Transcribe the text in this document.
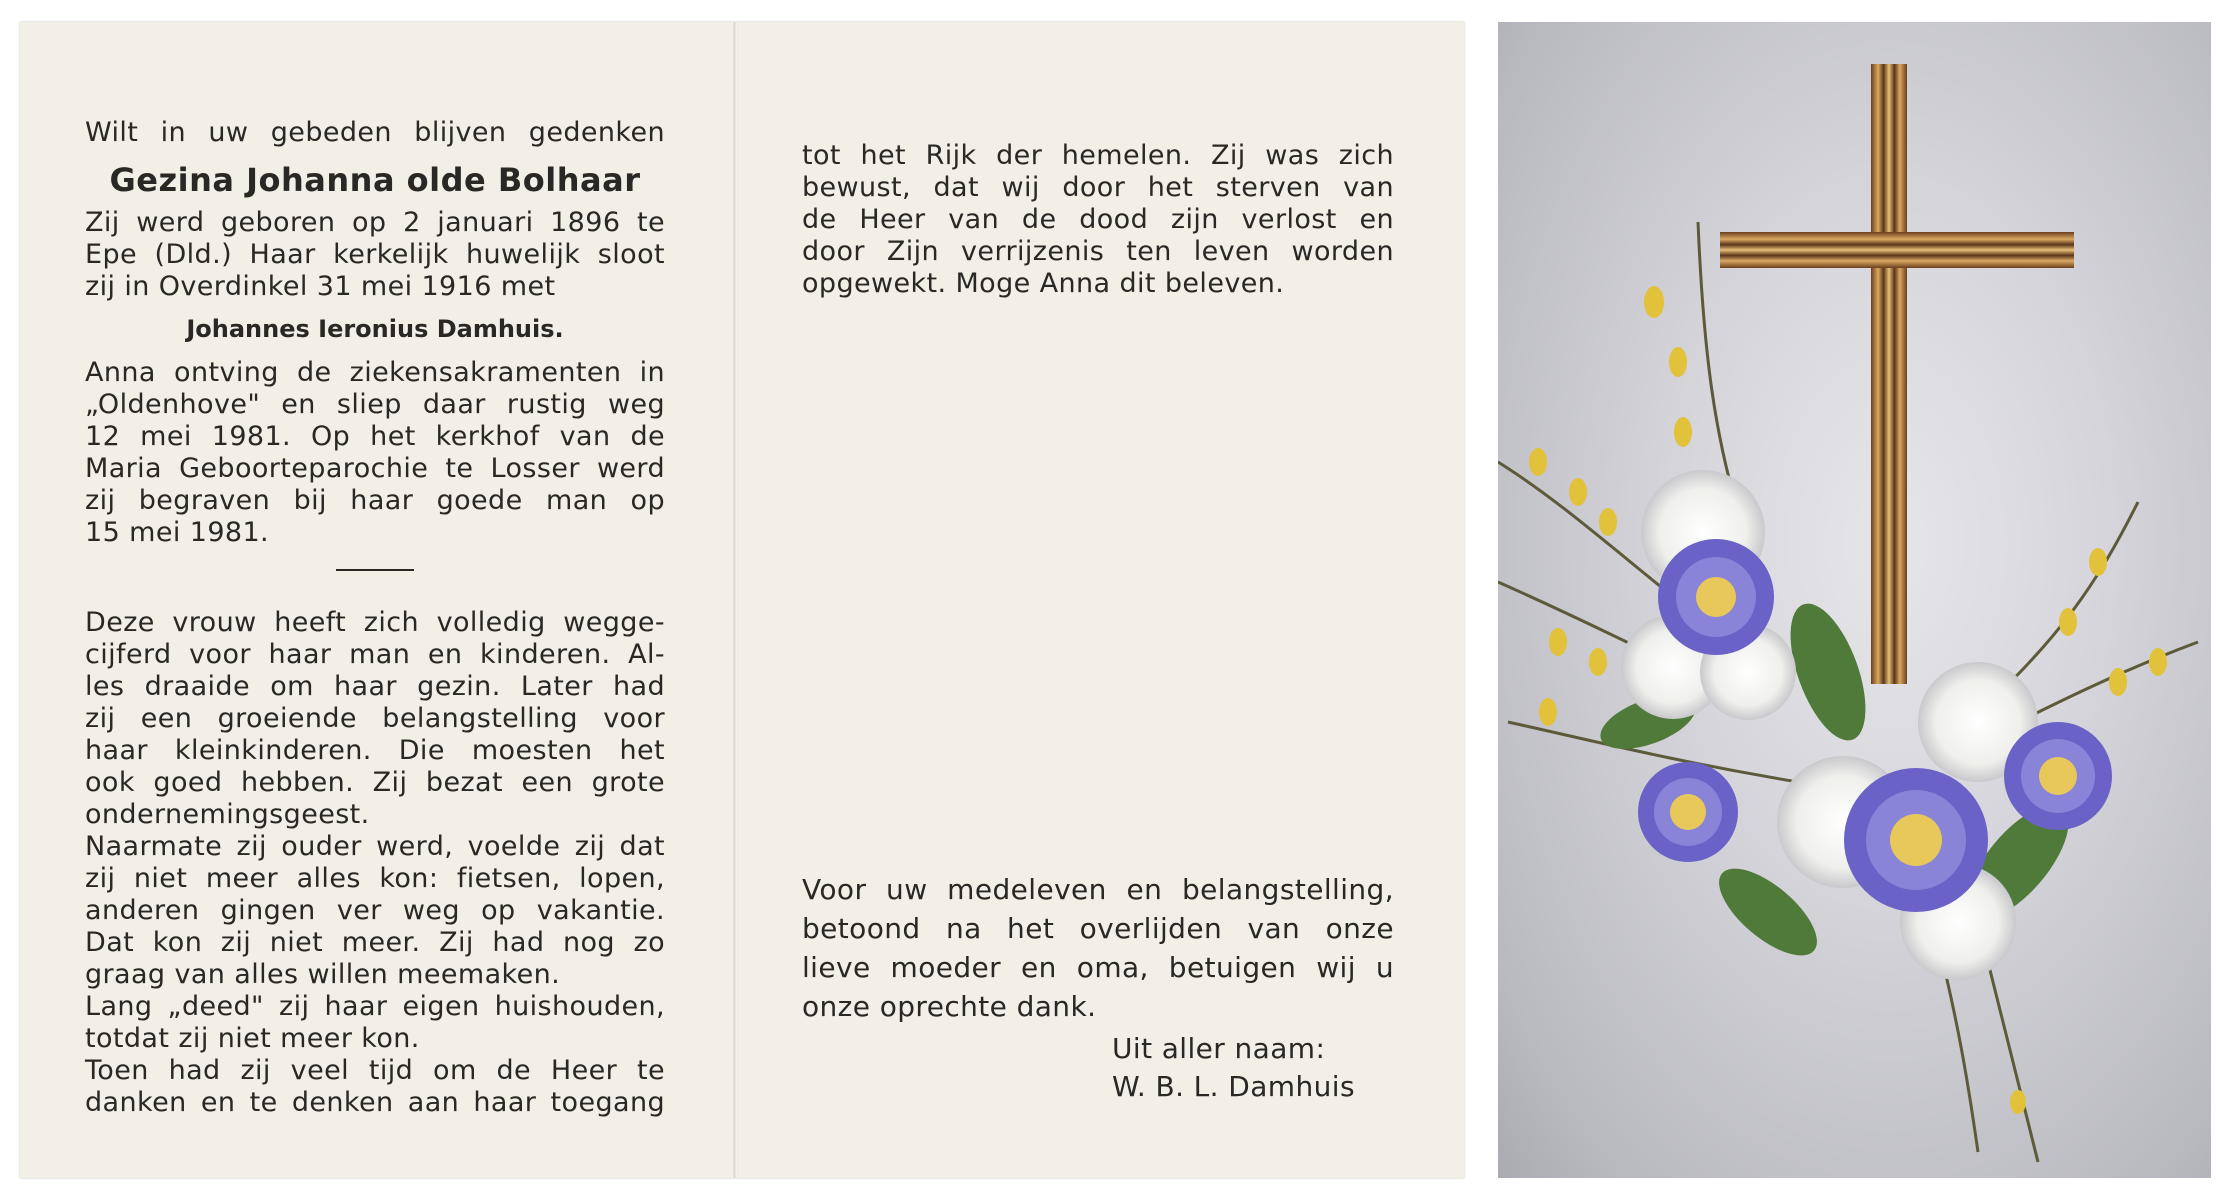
Wilt in uw gebeden blijven gedenken
Gezina Johanna olde Bolhaar
Zij werd geboren op 2 januari 1896 te
Epe (Dld.) Haar kerkelijk huwelijk sloot
zij in Overdinkel 31 mei 1916 met
Johannes Ieronius Damhuis.
Anna ontving de ziekensakramenten in
„Oldenhove" en sliep daar rustig weg
12 mei 1981. Op het kerkhof van de
Maria Geboorteparochie te Losser werd
zij begraven bij haar goede man op
15 mei 1981.
Deze vrouw heeft zich volledig wegge-
cijferd voor haar man en kinderen. Al-
les draaide om haar gezin. Later had
zij een groeiende belangstelling voor
haar kleinkinderen. Die moesten het
ook goed hebben. Zij bezat een grote
ondernemingsgeest.
Naarmate zij ouder werd, voelde zij dat
zij niet meer alles kon: fietsen, lopen,
anderen gingen ver weg op vakantie.
Dat kon zij niet meer. Zij had nog zo
graag van alles willen meemaken.
Lang „deed" zij haar eigen huishouden,
totdat zij niet meer kon.
Toen had zij veel tijd om de Heer te
danken en te denken aan haar toegang
tot het Rijk der hemelen. Zij was zich
bewust, dat wij door het sterven van
de Heer van de dood zijn verlost en
door Zijn verrijzenis ten leven worden
opgewekt. Moge Anna dit beleven.
Voor uw medeleven en belangstelling,
betoond na het overlijden van onze
lieve moeder en oma, betuigen wij u
onze oprechte dank.
Uit aller naam:
W. B. L. Damhuis
